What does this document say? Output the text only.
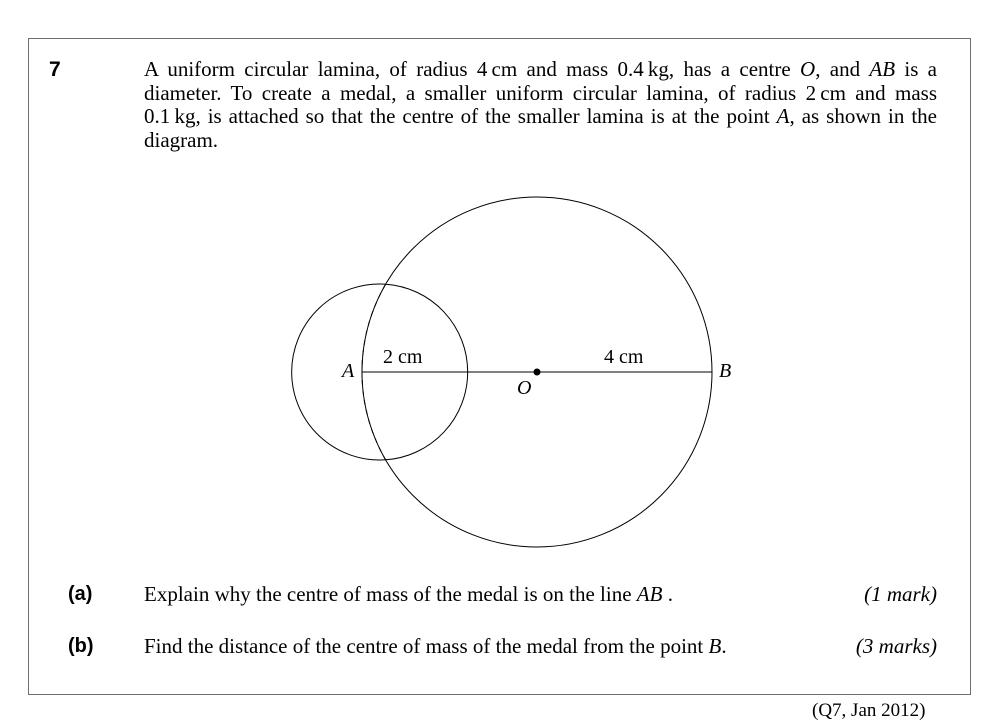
7	A uniform circular lamina, of radius 4 cm and mass 0.4 kg, has a centre O, and AB is a diameter. To create a medal, a smaller uniform circular lamina, of radius 2 cm and mass 0.1 kg, is attached so that the centre of the smaller lamina is at the point A, as shown in the diagram.

A	B
O
2 cm	4 cm
(a) Explain why the centre of mass of the medal is on the line AB .	(1 mark)
(b) Find the distance of the centre of mass of the medal from the point B.	(3 marks)
(Q7, Jan 2012)
